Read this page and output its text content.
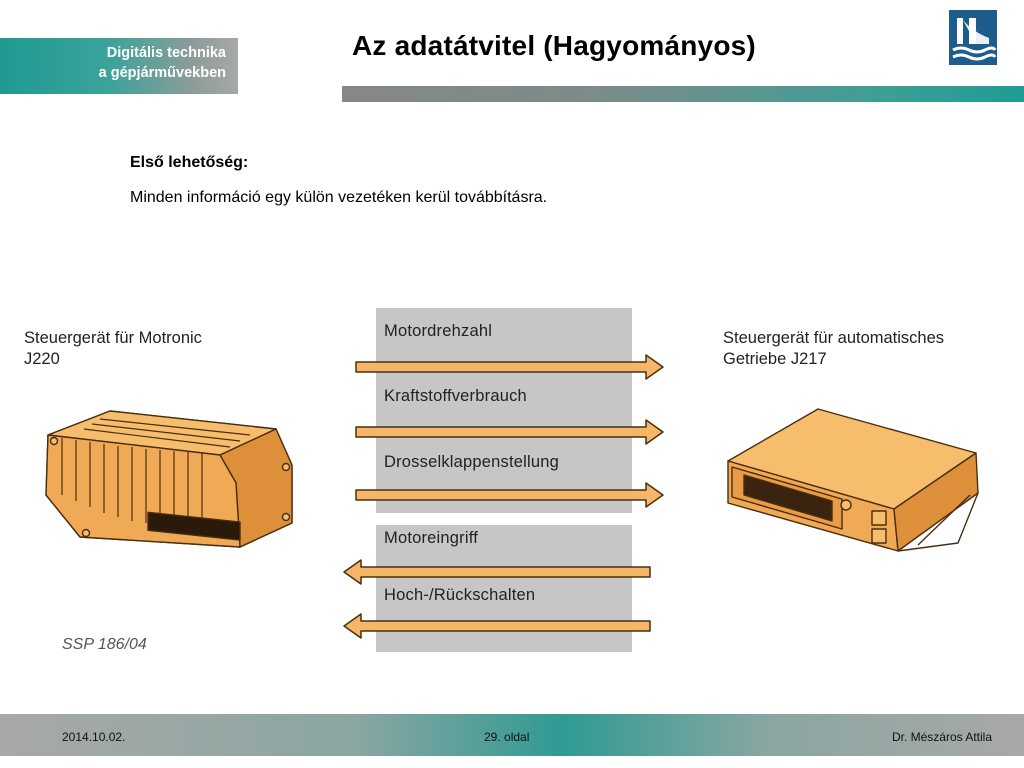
Digitális technika
a gépjárművekben
Az adatátvitel (Hagyományos)
Első lehetőség:
Minden információ egy külön vezetéken kerül továbbításra.
Steuergerät für Motronic
J220
Steuergerät für automatisches
Getriebe J217
Motordrehzahl
Kraftstoffverbrauch
Drosselklappenstellung
Motoreingriff
Hoch-/Rückschalten
SSP 186/04
2014.10.02.	29. oldal	Dr. Mészáros Attila
